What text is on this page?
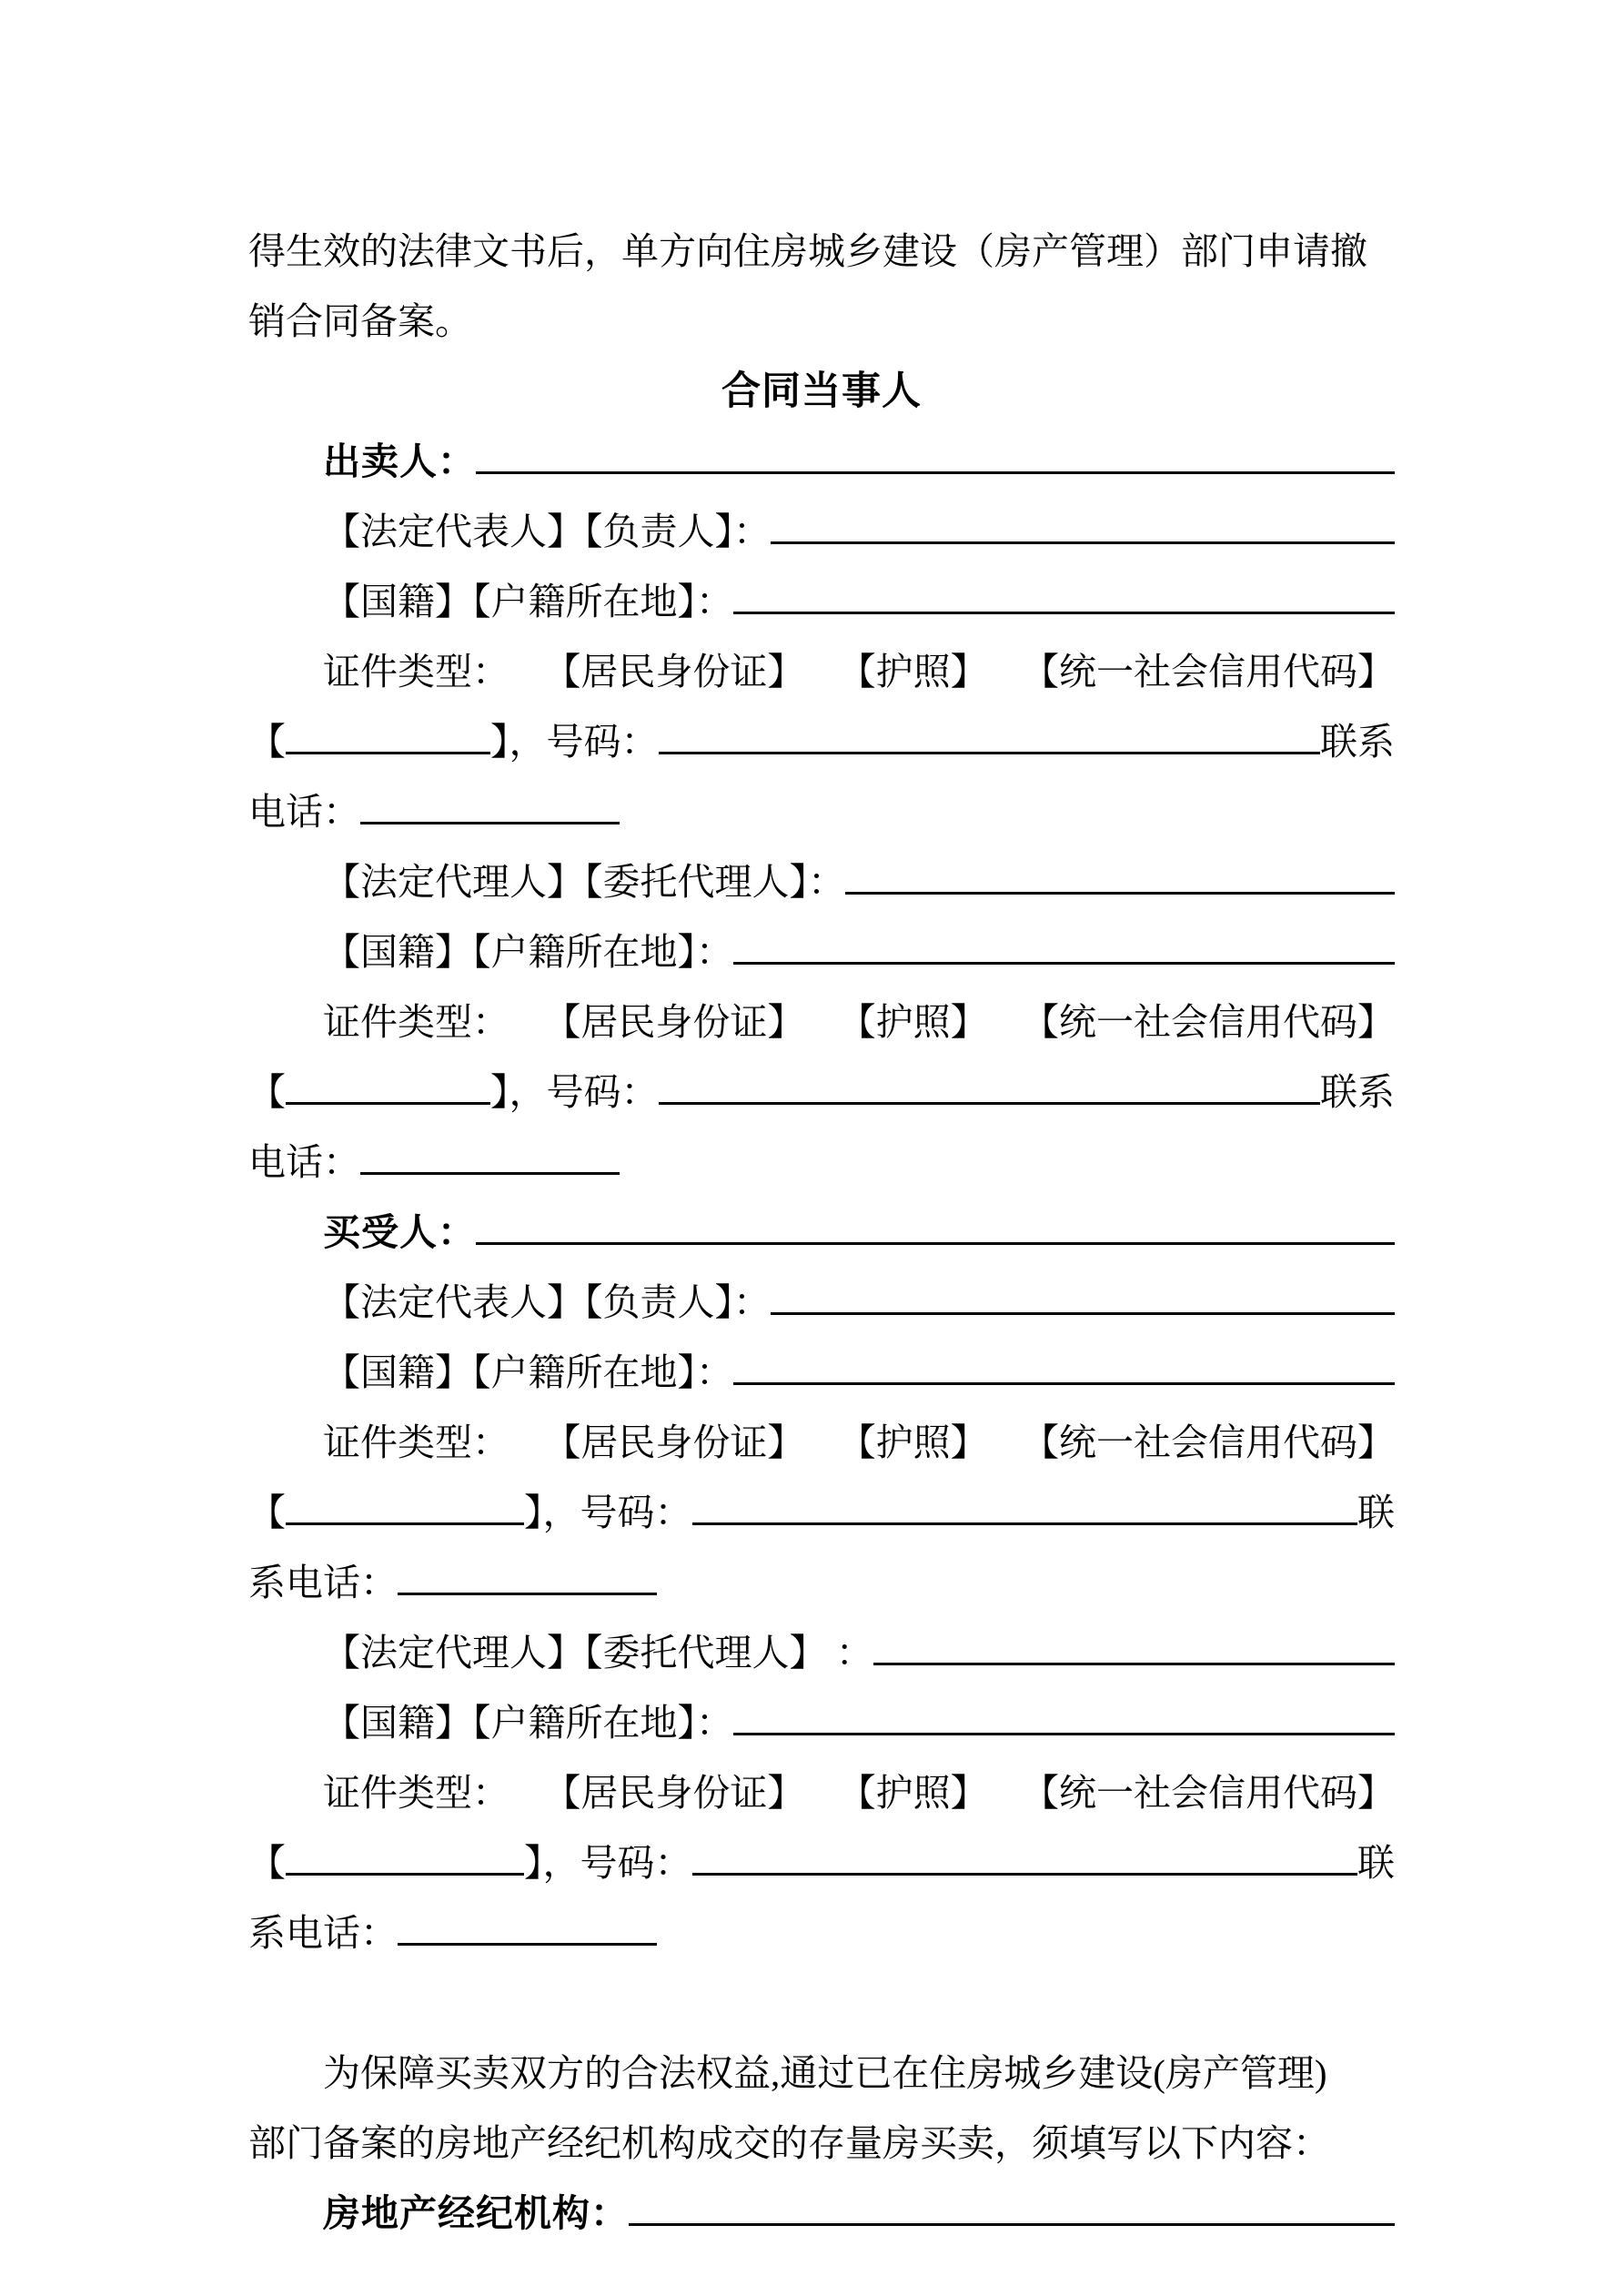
得生效的法律文书后，单方向住房城乡建设（房产管理）部门申请撤
销合同备案。
合同当事人
出卖人：
【法定代表人】【负责人】：
【国籍】【户籍所在地】：
证件类型： 【居民身份证】 【护照】 【统一社会信用代码】
【	】，号码：	联系
电话：
【法定代理人】【委托代理人】：
【国籍】【户籍所在地】：
证件类型： 【居民身份证】 【护照】 【统一社会信用代码】
【	】，号码：	联系
电话：
买受人：
【法定代表人】【负责人】：
【国籍】【户籍所在地】：
证件类型： 【居民身份证】 【护照】 【统一社会信用代码】
【	】，号码：	联
系电话：
【法定代理人】【委托代理人】 ：
【国籍】【户籍所在地】：
证件类型： 【居民身份证】 【护照】 【统一社会信用代码】
【	】，号码：	联
系电话：
为保障买卖双方的合法权益,通过已在住房城乡建设(房产管理)
部门备案的房地产经纪机构成交的存量房买卖，须填写以下内容：
房地产经纪机构：
